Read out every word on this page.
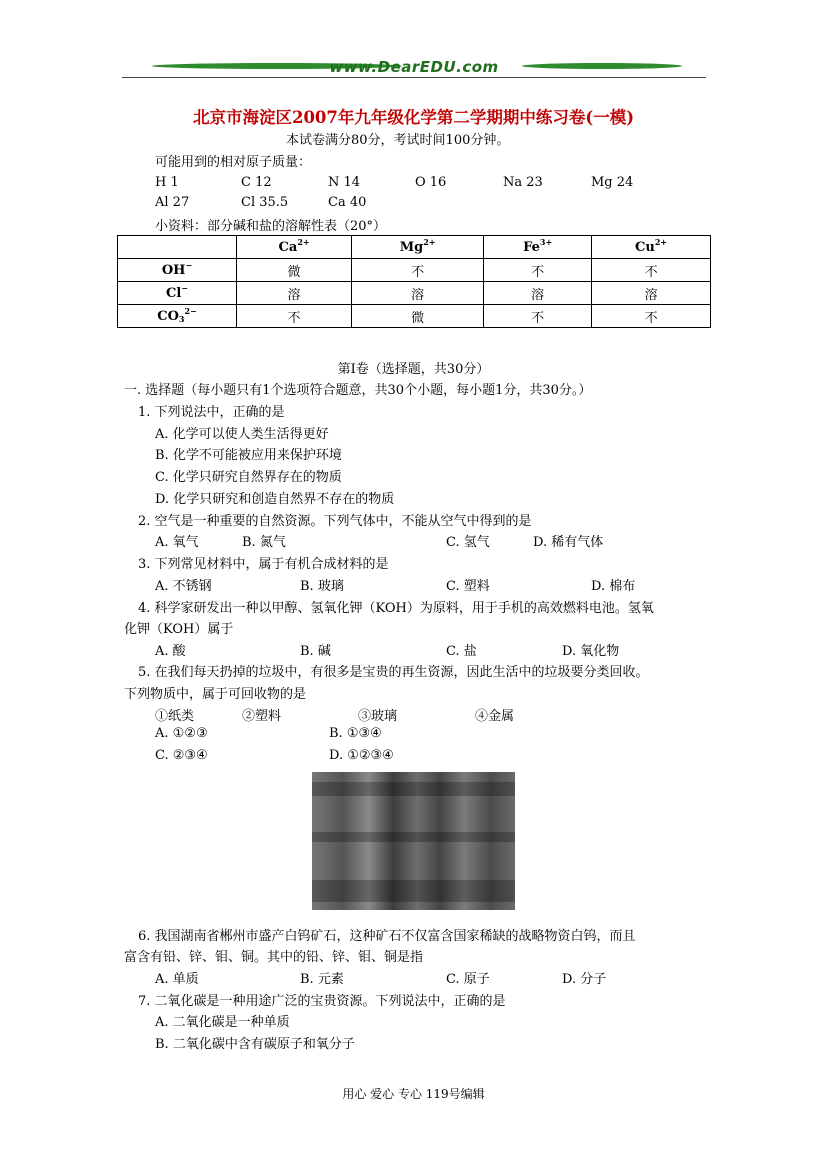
www.DearEDU.com
北京市海淀区2007年九年级化学第二学期期中练习卷(一模)
本试卷满分80分，考试时间100分钟。
可能用到的相对原子质量：
H 1	C 12	N 14	O 16	Na 23	Mg 24
Al 27	Cl 35.5	Ca 40
小资料：部分碱和盐的溶解性表（20°）
	$Ca^{2+}$	$Mg^{2+}$	$Fe^{3+}$	$Cu^{2+}$
OH−	微	不	不	不
Cl−	溶	溶	溶	溶
$CO_3^{2-}$	不	微	不	不
第Ⅰ卷（选择题，共30分）
一. 选择题（每小题只有1个选项符合题意，共30个小题，每小题1分，共30分。）
1. 下列说法中，正确的是
A. 化学可以使人类生活得更好
B. 化学不可能被应用来保护环境
C. 化学只研究自然界存在的物质
D. 化学只研究和创造自然界不存在的物质
2. 空气是一种重要的自然资源。下列气体中，不能从空气中得到的是
A. 氧气	B. 氮气	C. 氢气	D. 稀有气体
3. 下列常见材料中，属于有机合成材料的是
A. 不锈钢	B. 玻璃	C. 塑料	D. 棉布
4. 科学家研发出一种以甲醇、氢氧化钾（KOH）为原料，用于手机的高效燃料电池。氢氧
化钾（KOH）属于
A. 酸	B. 碱	C. 盐	D. 氧化物
5. 在我们每天扔掉的垃圾中，有很多是宝贵的再生资源，因此生活中的垃圾要分类回收。
下列物质中，属于可回收物的是
①纸类	②塑料	③玻璃	④金属
A. ①②③	B. ①③④
C. ②③④	D. ①②③④
6. 我国湖南省郴州市盛产白钨矿石，这种矿石不仅富含国家稀缺的战略物资白钨，而且
富含有铅、锌、钼、铜。其中的铅、锌、钼、铜是指
A. 单质	B. 元素	C. 原子	D. 分子
7. 二氧化碳是一种用途广泛的宝贵资源。下列说法中，正确的是
A. 二氧化碳是一种单质
B. 二氧化碳中含有碳原子和氧分子
用心 爱心 专心 119号编辑
